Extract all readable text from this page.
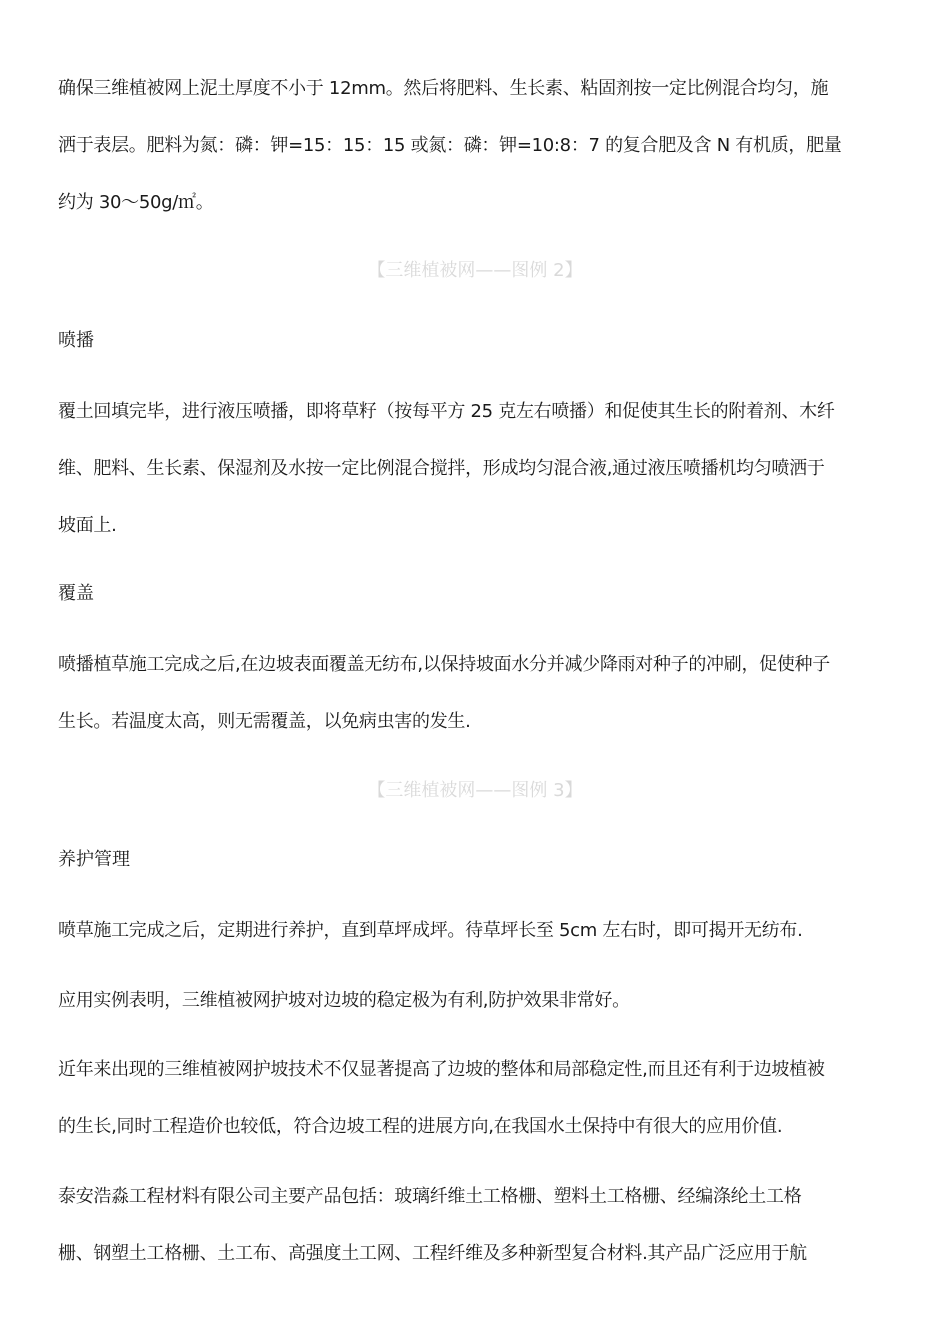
确保三维植被网上泥土厚度不小于 12mm。然后将肥料、生长素、粘固剂按一定比例混合均匀，施
洒于表层。肥料为氮：磷：钾=15：15：15 或氮：磷：钾=10:8：7 的复合肥及含 N 有机质，肥量
约为 30～50g/㎡。

【三维植被网——图例 2】

喷播

覆土回填完毕，进行液压喷播，即将草籽（按每平方 25 克左右喷播）和促使其生长的附着剂、木纤
维、肥料、生长素、保湿剂及水按一定比例混合搅拌，形成均匀混合液,通过液压喷播机均匀喷洒于
坡面上.

覆盖

喷播植草施工完成之后,在边坡表面覆盖无纺布,以保持坡面水分并减少降雨对种子的冲刷，促使种子
生长。若温度太高，则无需覆盖，以免病虫害的发生.

【三维植被网——图例 3】

养护管理

喷草施工完成之后，定期进行养护，直到草坪成坪。待草坪长至 5cm 左右时，即可揭开无纺布.
应用实例表明，三维植被网护坡对边坡的稳定极为有利,防护效果非常好。
近年来出现的三维植被网护坡技术不仅显著提高了边坡的整体和局部稳定性,而且还有利于边坡植被
的生长,同时工程造价也较低，符合边坡工程的进展方向,在我国水土保持中有很大的应用价值.
泰安浩淼工程材料有限公司主要产品包括：玻璃纤维土工格栅、塑料土工格栅、经编涤纶土工格
栅、钢塑土工格栅、土工布、高强度土工网、工程纤维及多种新型复合材料.其产品广泛应用于航
